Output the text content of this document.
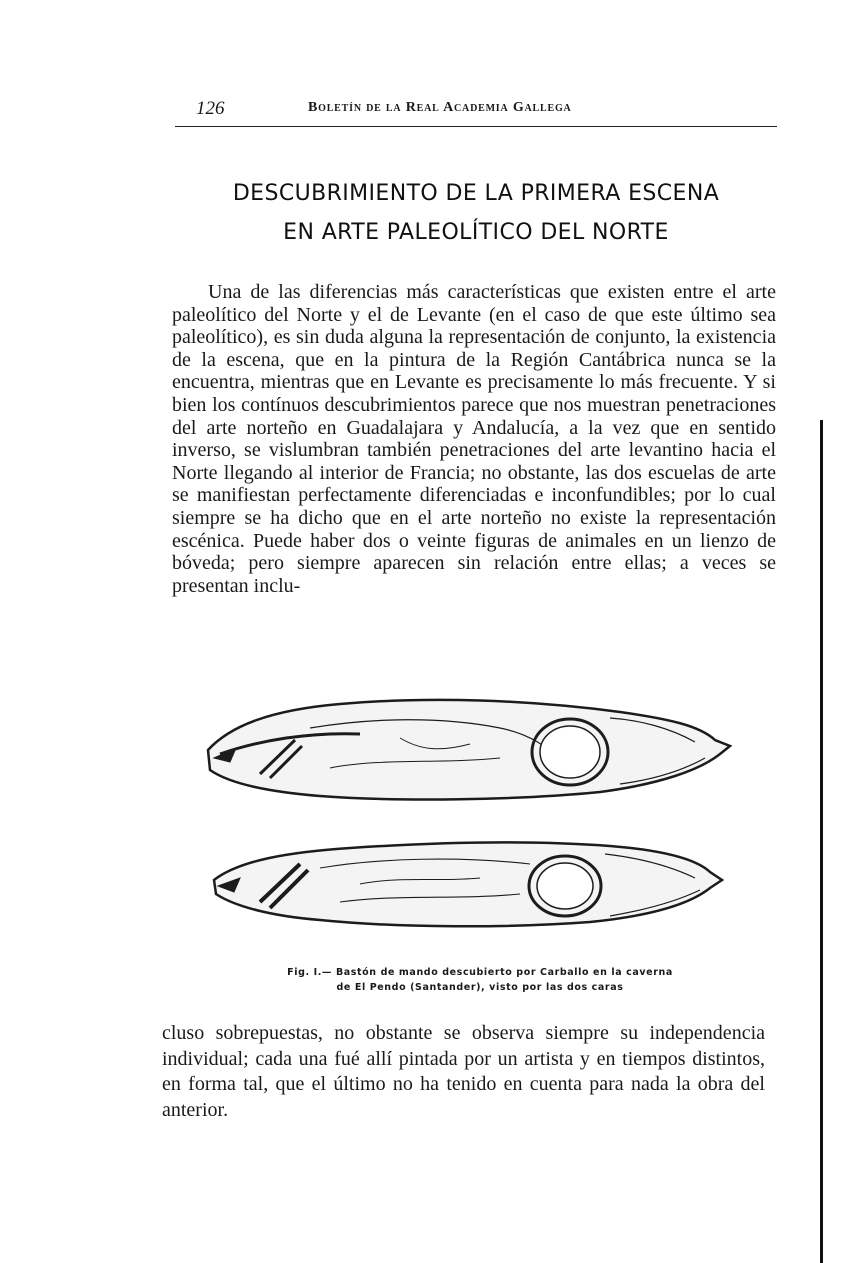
126	Boletín de la Real Academia Gallega
DESCUBRIMIENTO DE LA PRIMERA ESCENA
EN ARTE PALEOLÍTICO DEL NORTE

Una de las diferencias más características que existen entre el arte paleolítico del Norte y el de Levante (en el caso de que este último sea paleolítico), es sin duda alguna la representación de conjunto, la existencia de la escena, que en la pintura de la Región Cantábrica nunca se la encuentra, mientras que en Levante es precisamente lo más frecuente. Y si bien los contínuos descubrimientos parece que nos muestran penetraciones del arte norteño en Guadalajara y Andalucía, a la vez que en sentido inverso, se vislumbran también penetraciones del arte levantino hacia el Norte llegando al interior de Francia; no obstante, las dos escuelas de arte se manifiestan perfectamente diferenciadas e inconfundibles; por lo cual siempre se ha dicho que en el arte norteño no existe la representación escénica. Puede haber dos o veinte figuras de animales en un lienzo de bóveda; pero siempre aparecen sin relación entre ellas; a veces se presentan inclu-

Fig. I.— Bastón de mando descubierto por Carballo en la caverna
de El Pendo (Santander), visto por las dos caras

cluso sobrepuestas, no obstante se observa siempre su independencia individual; cada una fué allí pintada por un artista y en tiempos distintos, en forma tal, que el último no ha tenido en cuenta para nada la obra del anterior.
